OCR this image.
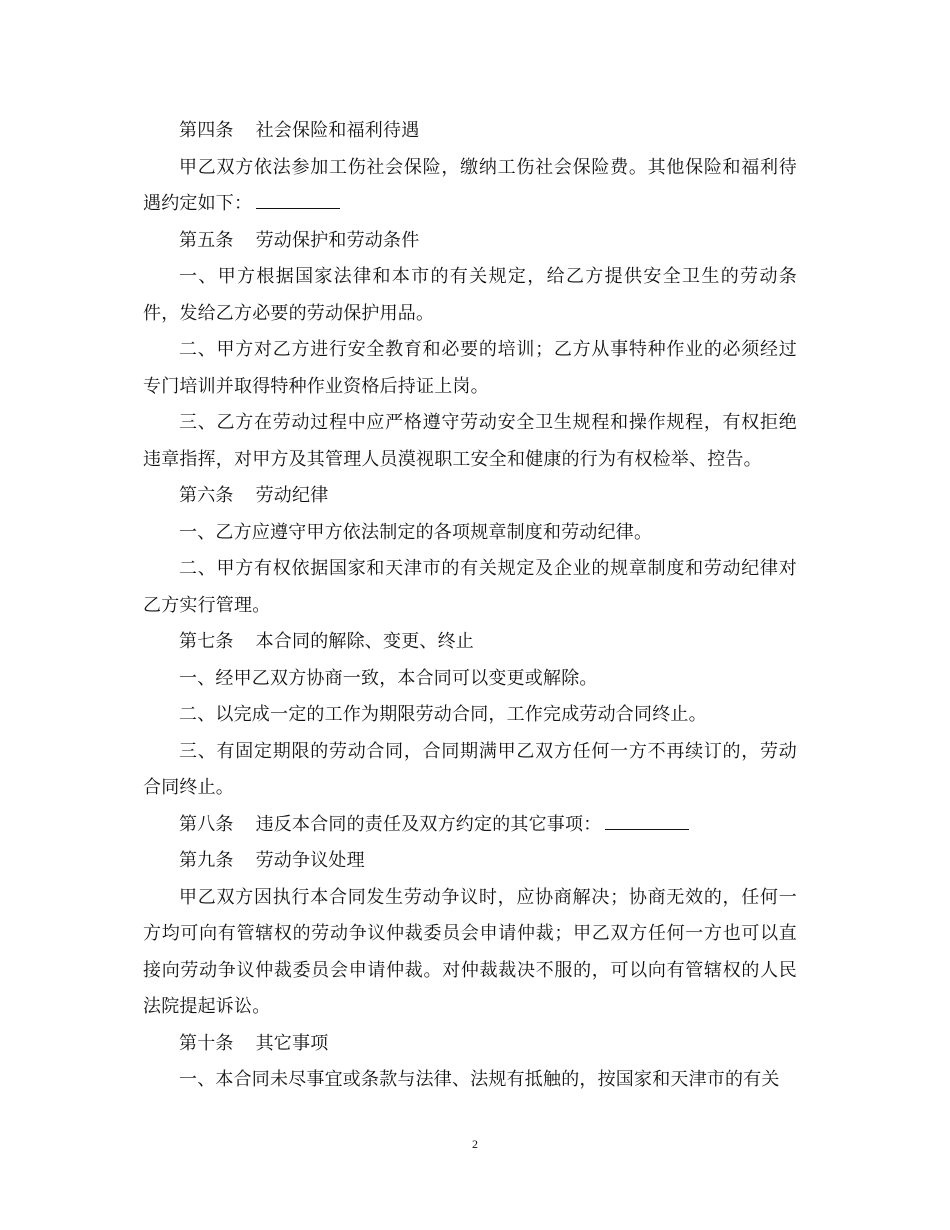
第四条 社会保险和福利待遇

甲乙双方依法参加工伤社会保险，缴纳工伤社会保险费。其他保险和福利待遇约定如下：

第五条 劳动保护和劳动条件

一、甲方根据国家法律和本市的有关规定，给乙方提供安全卫生的劳动条件，发给乙方必要的劳动保护用品。

二、甲方对乙方进行安全教育和必要的培训；乙方从事特种作业的必须经过专门培训并取得特种作业资格后持证上岗。

三、乙方在劳动过程中应严格遵守劳动安全卫生规程和操作规程，有权拒绝违章指挥，对甲方及其管理人员漠视职工安全和健康的行为有权检举、控告。

第六条 劳动纪律

一、乙方应遵守甲方依法制定的各项规章制度和劳动纪律。

二、甲方有权依据国家和天津市的有关规定及企业的规章制度和劳动纪律对乙方实行管理。

第七条 本合同的解除、变更、终止

一、经甲乙双方协商一致，本合同可以变更或解除。

二、以完成一定的工作为期限劳动合同，工作完成劳动合同终止。

三、有固定期限的劳动合同，合同期满甲乙双方任何一方不再续订的，劳动合同终止。

第八条 违反本合同的责任及双方约定的其它事项：

第九条 劳动争议处理

甲乙双方因执行本合同发生劳动争议时，应协商解决；协商无效的，任何一方均可向有管辖权的劳动争议仲裁委员会申请仲裁；甲乙双方任何一方也可以直接向劳动争议仲裁委员会申请仲裁。对仲裁裁决不服的，可以向有管辖权的人民法院提起诉讼。

第十条 其它事项

一、本合同未尽事宜或条款与法律、法规有抵触的，按国家和天津市的有关

2
